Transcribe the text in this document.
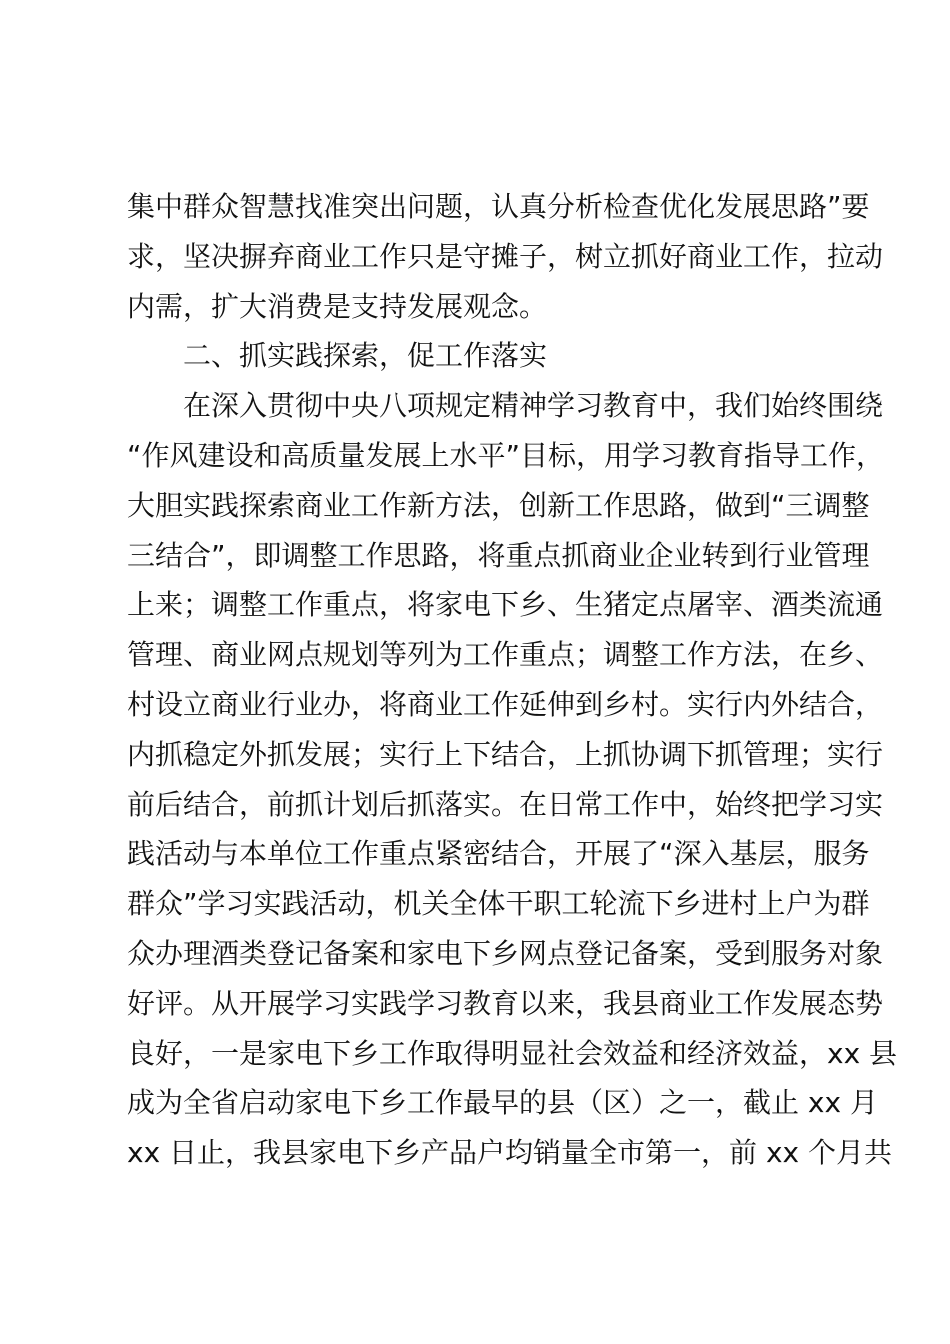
集中群众智慧找准突出问题，认真分析检查优化发展思路”要
求，坚决摒弃商业工作只是守摊子，树立抓好商业工作，拉动
内需，扩大消费是支持发展观念。
二、抓实践探索，促工作落实
在深入贯彻中央八项规定精神学习教育中，我们始终围绕
“作风建设和高质量发展上水平”目标，用学习教育指导工作，
大胆实践探索商业工作新方法，创新工作思路，做到“三调整
三结合”，即调整工作思路，将重点抓商业企业转到行业管理
上来；调整工作重点，将家电下乡、生猪定点屠宰、酒类流通
管理、商业网点规划等列为工作重点；调整工作方法，在乡、
村设立商业行业办，将商业工作延伸到乡村。实行内外结合，
内抓稳定外抓发展；实行上下结合，上抓协调下抓管理；实行
前后结合，前抓计划后抓落实。在日常工作中，始终把学习实
践活动与本单位工作重点紧密结合，开展了“深入基层，服务
群众”学习实践活动，机关全体干职工轮流下乡进村上户为群
众办理酒类登记备案和家电下乡网点登记备案，受到服务对象
好评。从开展学习实践学习教育以来，我县商业工作发展态势
良好，一是家电下乡工作取得明显社会效益和经济效益，xx 县
成为全省启动家电下乡工作最早的县（区）之一，截止 xx 月
xx 日止，我县家电下乡产品户均销量全市第一，前 xx 个月共
